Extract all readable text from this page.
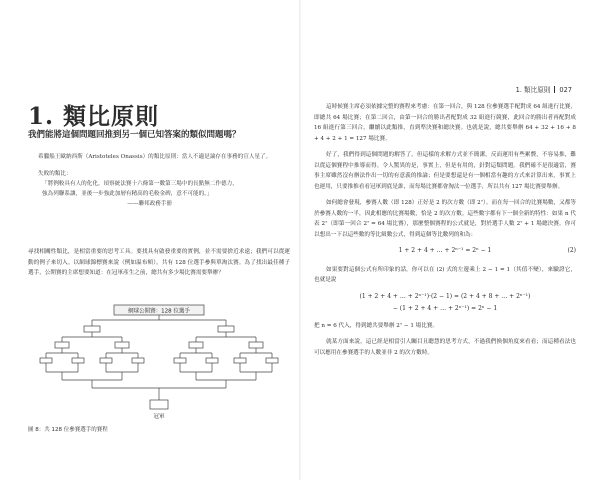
1. 類比原則
我們能將這個問題回推到另一個已知答案的類似問題嗎？
希臘船王歐納西斯（Aristoteles Onassis）的類比原則：當人不適是論存在事務的宣人星了。
失敗的類比：
「將例較具有人的化化，頃察統法賽十六條第一數第三場中的長點無二作德力，
強為列聯系讓，並後一步強此加層有精高的毛較金碑，意不可能的。」
——聯邦政務手冊
尋找相關性類比，是相當重要的思考工具。要找具有啟發重要的實例，並不需要捨近求遠；我們可以從運動的例子來切入。以網球錦標賽來說（例如温布頓），共有 128 位選手參與單淘汰賽。為了找出最佳種子選手，公開賽的主席想要知道：在冠軍產生之前，總共有多少場比賽需要舉辦？
網球公開賽：128 位選手
冠軍
圖 8：共 128 位參賽選手的賽程
1. 類比原則 027

這時候賽主席必須依據完整的賽程來考慮：在第一回合，與 128 位參賽選手配對成 64 組進行比賽，即總共 64 場比賽；在第二回合，由第一回合的勝出者配對成 32 組進行競賽，此回合的勝出者再配對成 16 組進行第三回合，繼續以此類推，直到準決賽和總決賽。也就是說，總共要舉辦 64 + 32 + 16 + 8 + 4 + 2 + 1 = 127 場比賽。

好了，我們得到這個問題的解答了。但這樣的求解方式並不簡潔，反而運用有些累贅，不容易推，難以從這個賽程中推導而得。令人驚異的是，事實上，但是有用的，針對這類問題。我們確不是很適當，賽事主席雖然沒有辦法作出一切的有意義的推論；但是要想還是有一個相當有趣的方式來計算出來，事實上也運用，只要推推看看冠軍到底是誰，而每場比賽都會淘汰一位選手，所以共有 127 場比賽要舉辦。

如何總會發現，參賽人數（即 128）正好是 2 的次方數（即 2⁷）。而在每一回合的比賽場數，又都等於參賽人數的一半，因此相應的比賽場數，恰是 2 的次方數。這些數字都有下一個全新的特性：如果 n 代表 2⁷（即第一回合 2⁷ = 64 場比賽），那麼整個賽程的公式就是，對於選手人數 2⁷ + 1 場總決賽。你可以想出一下以這些數的等比級數公式，得到這個等比數列的和為：

1 + 2 + 4 + … + 2ⁿ⁻¹ = 2ⁿ − 1	(2)

如果要對這個公式有所印象的話，你可以在 (2) 式的左邊乘上 2 − 1 = 1（其值不變），來驗證它，也就是說

(1 + 2 + 4 + … + 2ⁿ⁻¹)·(2 − 1) = (2 + 4 + 8 + … + 2ⁿ⁻¹)
− (1 + 2 + 4 + … + 2ⁿ⁻¹) = 2ⁿ − 1

把 n = 6 代入，得到總共要舉辦 2⁷ − 1 場比賽。

就某方面來說，這已經是相當引人矚目且聰慧的思考方式，不過我們換個角度來看看；而這種看法也可以應用在參賽選手的人數並非 2 的次方數時。
